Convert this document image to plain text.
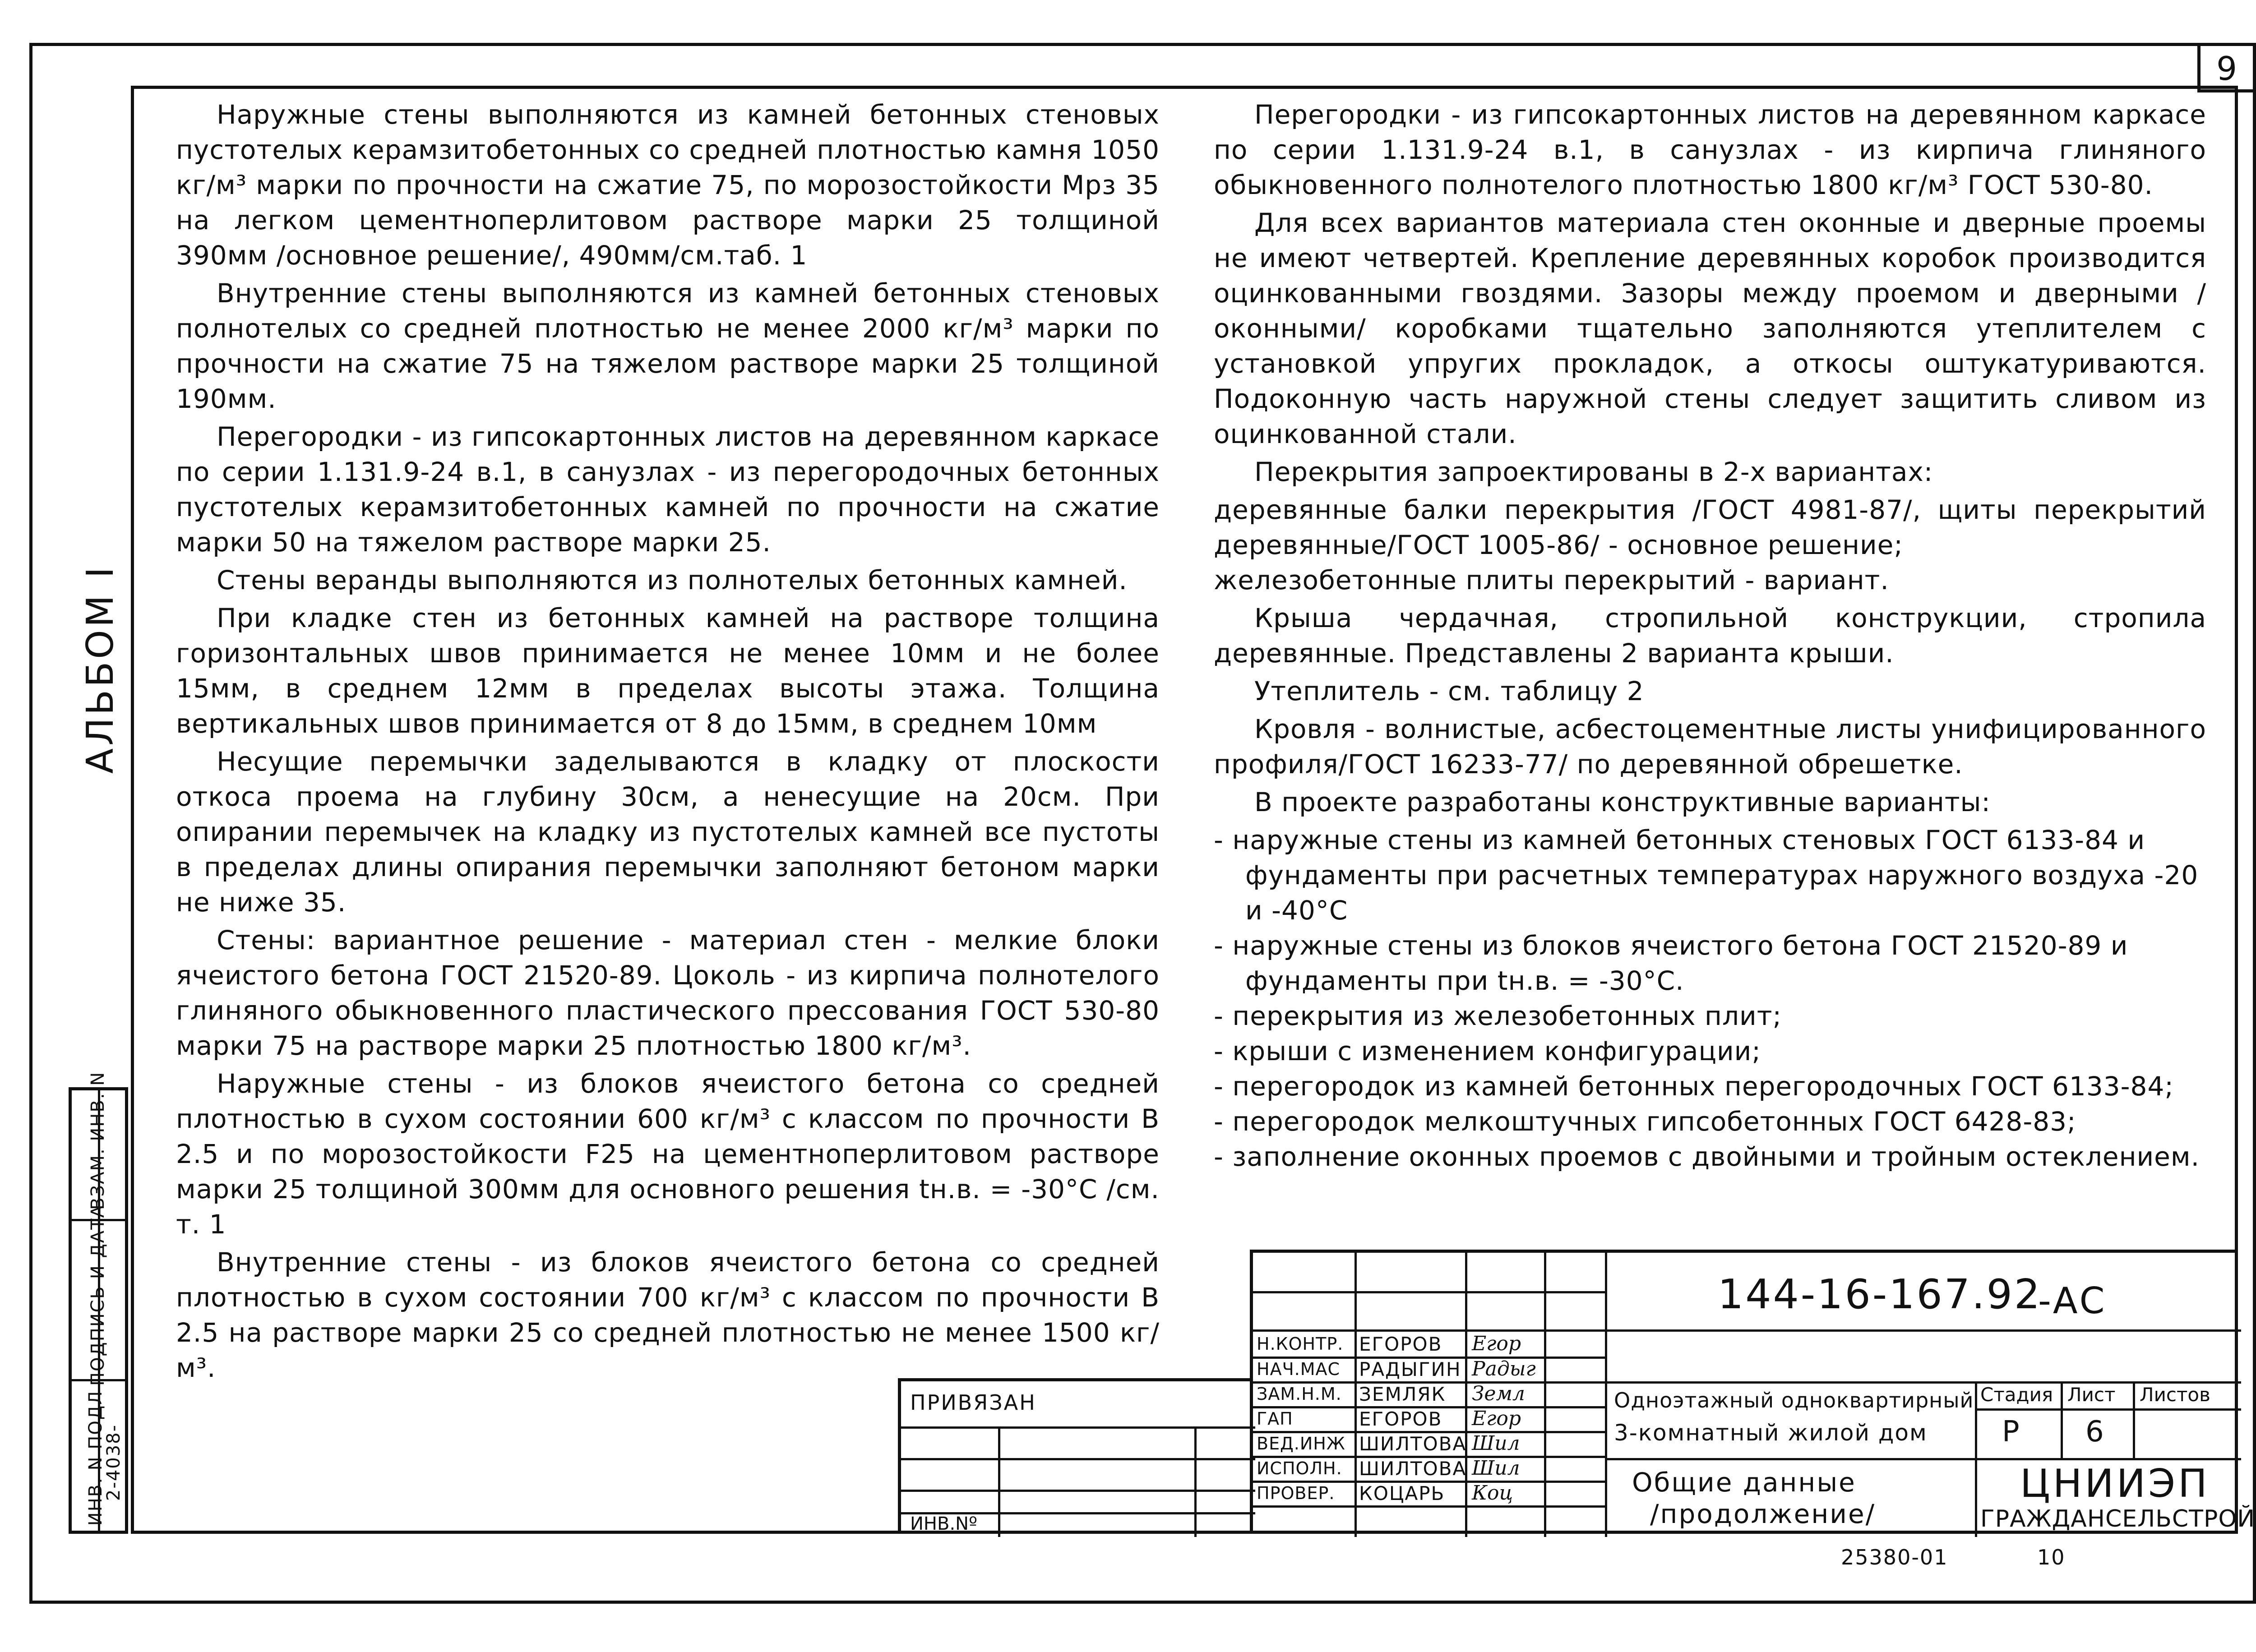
9
АЛЬБОМ I
ВЗАМ. ИНВ. N
ПОДПИСЬ И ДАТА
ИНВ. N ПОДЛ
2-4038-

Наружные стены выполняются из камней бетонных стеновых пустотелых керамзитобетонных со средней плотностью камня 1050 кг/м³ марки по прочности на сжатие 75, по морозостойкости Мрз 35 на легком цементноперлитовом растворе марки 25 толщиной 390мм /основное решение/, 490мм/см.таб. 1

Внутренние стены выполняются из камней бетонных стеновых полнотелых со средней плотностью не менее 2000 кг/м³ марки по прочности на сжатие 75 на тяжелом растворе марки 25 толщиной 190мм.

Перегородки - из гипсокартонных листов на деревянном каркасе по серии 1.131.9-24 в.1, в санузлах - из перегородочных бетонных пустотелых керамзитобетонных камней по прочности на сжатие марки 50 на тяжелом растворе марки 25.

Стены веранды выполняются из полнотелых бетонных камней.

При кладке стен из бетонных камней на растворе толщина горизонтальных швов принимается не менее 10мм и не более 15мм, в среднем 12мм в пределах высоты этажа. Толщина вертикальных швов принимается от 8 до 15мм, в среднем 10мм

Несущие перемычки заделываются в кладку от плоскости откоса проема на глубину 30см, а ненесущие на 20см. При опирании перемычек на кладку из пустотелых камней все пустоты в пределах длины опирания перемычки заполняют бетоном марки не ниже 35.

Стены: вариантное решение - материал стен - мелкие блоки ячеистого бетона ГОСТ 21520-89. Цоколь - из кирпича полнотелого глиняного обыкновенного пластического прессования ГОСТ 530-80 марки 75 на растворе марки 25 плотностью 1800 кг/м³.

Наружные стены - из блоков ячеистого бетона со средней плотностью в сухом состоянии 600 кг/м³ с классом по прочности В 2.5 и по морозостойкости F25 на цементноперлитовом растворе марки 25 толщиной 300мм для основного решения tн.в. = -30°С /см. т. 1

Внутренние стены - из блоков ячеистого бетона со средней плотностью в сухом состоянии 700 кг/м³ с классом по прочности В 2.5 на растворе марки 25 со средней плотностью не менее 1500 кг/м³.

Перегородки - из гипсокартонных листов на деревянном каркасе по серии 1.131.9-24 в.1, в санузлах - из кирпича глиняного обыкновенного полнотелого плотностью 1800 кг/м³ ГОСТ 530-80.

Для всех вариантов материала стен оконные и дверные проемы не имеют четвертей. Крепление деревянных коробок производится оцинкованными гвоздями. Зазоры между проемом и дверными /оконными/ коробками тщательно заполняются утеплителем с установкой упругих прокладок, а откосы оштукатуриваются. Подоконную часть наружной стены следует защитить сливом из оцинкованной стали.

Перекрытия запроектированы в 2-х вариантах:

деревянные балки перекрытия /ГОСТ 4981-87/, щиты перекрытий деревянные/ГОСТ 1005-86/ - основное решение;

железобетонные плиты перекрытий - вариант.

Крыша чердачная, стропильной конструкции, стропила деревянные. Представлены 2 варианта крыши.

Утеплитель - см. таблицу 2

Кровля - волнистые, асбестоцементные листы унифицированного профиля/ГОСТ 16233-77/ по деревянной обрешетке.

В проекте разработаны конструктивные варианты:

- наружные стены из камней бетонных стеновых ГОСТ 6133-84 и фундаменты при расчетных температурах наружного воздуха -20 и -40°С

- наружные стены из блоков ячеистого бетона ГОСТ 21520-89 и фундаменты при tн.в. = -30°С.

- перекрытия из железобетонных плит;

- крыши с изменением конфигурации;

- перегородок из камней бетонных перегородочных ГОСТ 6133-84;

- перегородок мелкоштучных гипсобетонных ГОСТ 6428-83;

- заполнение оконных проемов с двойными и тройным остеклением.

ПРИВЯЗАН
ИНВ.Nº
144-16-167.92
-АС
Одноэтажный одноквартирный
3-комнатный жилой дом
Стадия Лист Листов
Р 6
Общие данные
/продолжение/
ЦНИИЭП
ГРАЖДАНСЕЛЬСТРОЙ
Н.КОНТР. ЕГОРОВ Егор
НАЧ.МАС РАДЫГИН Радыг
ЗАМ.Н.М. ЗЕМЛЯК Земл
ГАП	ЕГОРОВ Егор
ВЕД.ИНЖ ШИЛТОВА Шил
ИСПОЛН. ШИЛТОВА Шил
ПРОВЕР. КОЦАРЬ Коц
25380-01	10
